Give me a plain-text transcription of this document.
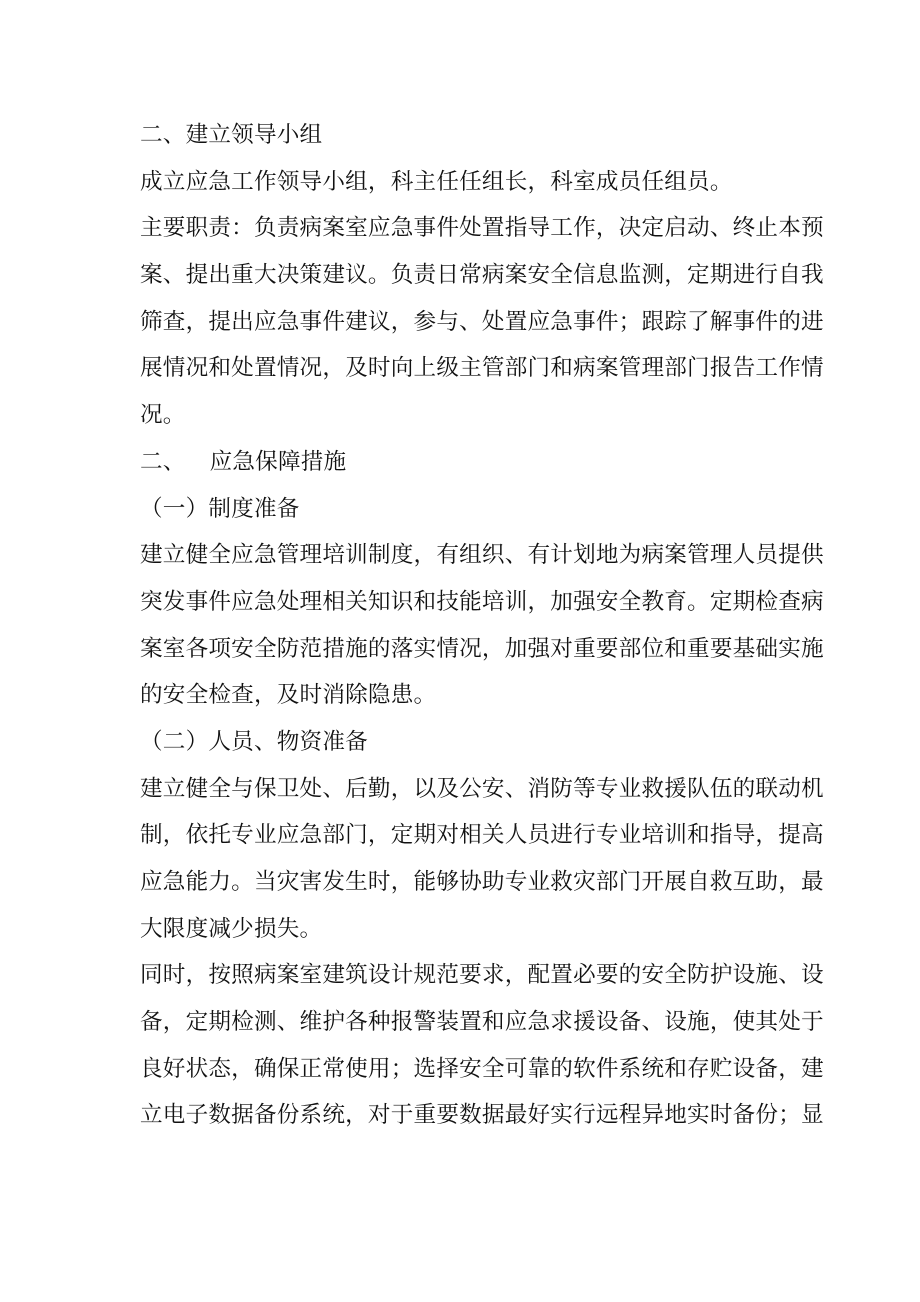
二、建立领导小组
成立应急工作领导小组，科主任任组长，科室成员任组员。
主要职责：负责病案室应急事件处置指导工作，决定启动、终止本预
案、提出重大决策建议。负责日常病案安全信息监测，定期进行自我
筛查，提出应急事件建议，参与、处置应急事件；跟踪了解事件的进
展情况和处置情况，及时向上级主管部门和病案管理部门报告工作情
况。
二、 应急保障措施
（一）制度准备
建立健全应急管理培训制度，有组织、有计划地为病案管理人员提供
突发事件应急处理相关知识和技能培训，加强安全教育。定期检查病
案室各项安全防范措施的落实情况，加强对重要部位和重要基础实施
的安全检查，及时消除隐患。
（二）人员、物资准备
建立健全与保卫处、后勤，以及公安、消防等专业救援队伍的联动机
制，依托专业应急部门，定期对相关人员进行专业培训和指导，提高
应急能力。当灾害发生时，能够协助专业救灾部门开展自救互助，最
大限度减少损失。
同时，按照病案室建筑设计规范要求，配置必要的安全防护设施、设
备，定期检测、维护各种报警装置和应急求援设备、设施，使其处于
良好状态，确保正常使用；选择安全可靠的软件系统和存贮设备，建
立电子数据备份系统，对于重要数据最好实行远程异地实时备份；显
